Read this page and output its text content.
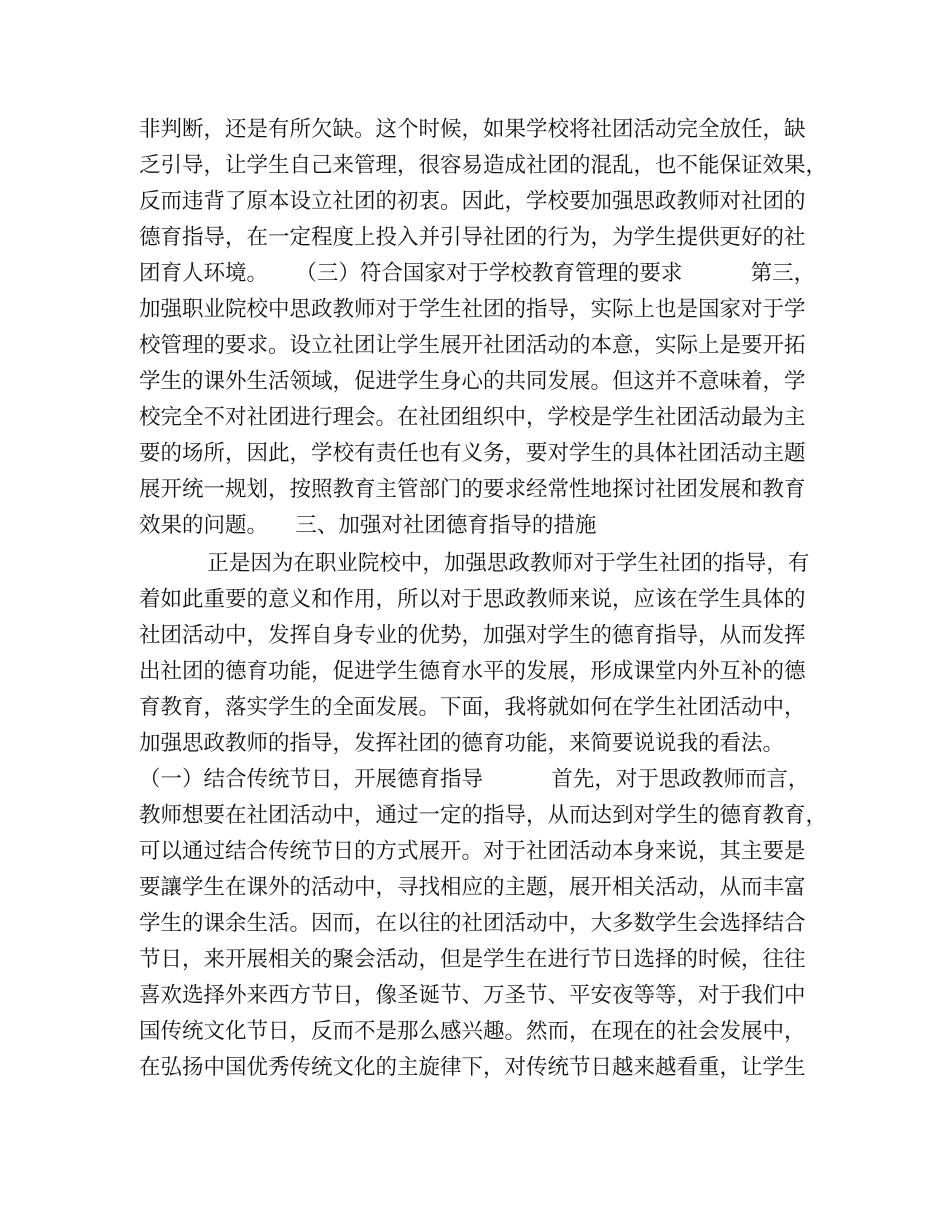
非判断，还是有所欠缺。这个时候，如果学校将社团活动完全放任，缺
乏引导，让学生自己来管理，很容易造成社团的混乱，也不能保证效果，
反而违背了原本设立社团的初衷。因此，学校要加强思政教师对社团的
德育指导，在一定程度上投入并引导社团的行为，为学生提供更好的社
团育人环境。    （三）符合国家对于学校教育管理的要求          第三，
加强职业院校中思政教师对于学生社团的指导，实际上也是国家对于学
校管理的要求。设立社团让学生展开社团活动的本意，实际上是要开拓
学生的课外生活领域，促进学生身心的共同发展。但这并不意味着，学
校完全不对社团进行理会。在社团组织中，学校是学生社团活动最为主
要的场所，因此，学校有责任也有义务，要对学生的具体社团活动主题
展开统一规划，按照教育主管部门的要求经常性地探讨社团发展和教育
效果的问题。    三、加强对社团德育指导的措施
正是因为在职业院校中，加强思政教师对于学生社团的指导，有
着如此重要的意义和作用，所以对于思政教师来说，应该在学生具体的
社团活动中，发挥自身专业的优势，加强对学生的德育指导，从而发挥
出社团的德育功能，促进学生德育水平的发展，形成课堂内外互补的德
育教育，落实学生的全面发展。下面，我将就如何在学生社团活动中，
加强思政教师的指导，发挥社团的德育功能，来简要说说我的看法。
（一）结合传统节日，开展德育指导          首先，对于思政教师而言，
教师想要在社团活动中，通过一定的指导，从而达到对学生的德育教育，
可以通过结合传统节日的方式展开。对于社团活动本身来说，其主要是
要讓学生在课外的活动中，寻找相应的主题，展开相关活动，从而丰富
学生的课余生活。因而，在以往的社团活动中，大多数学生会选择结合
节日，来开展相关的聚会活动，但是学生在进行节日选择的时候，往往
喜欢选择外来西方节日，像圣诞节、万圣节、平安夜等等，对于我们中
国传统文化节日，反而不是那么感兴趣。然而，在现在的社会发展中，
在弘扬中国优秀传统文化的主旋律下，对传统节日越来越看重，让学生
